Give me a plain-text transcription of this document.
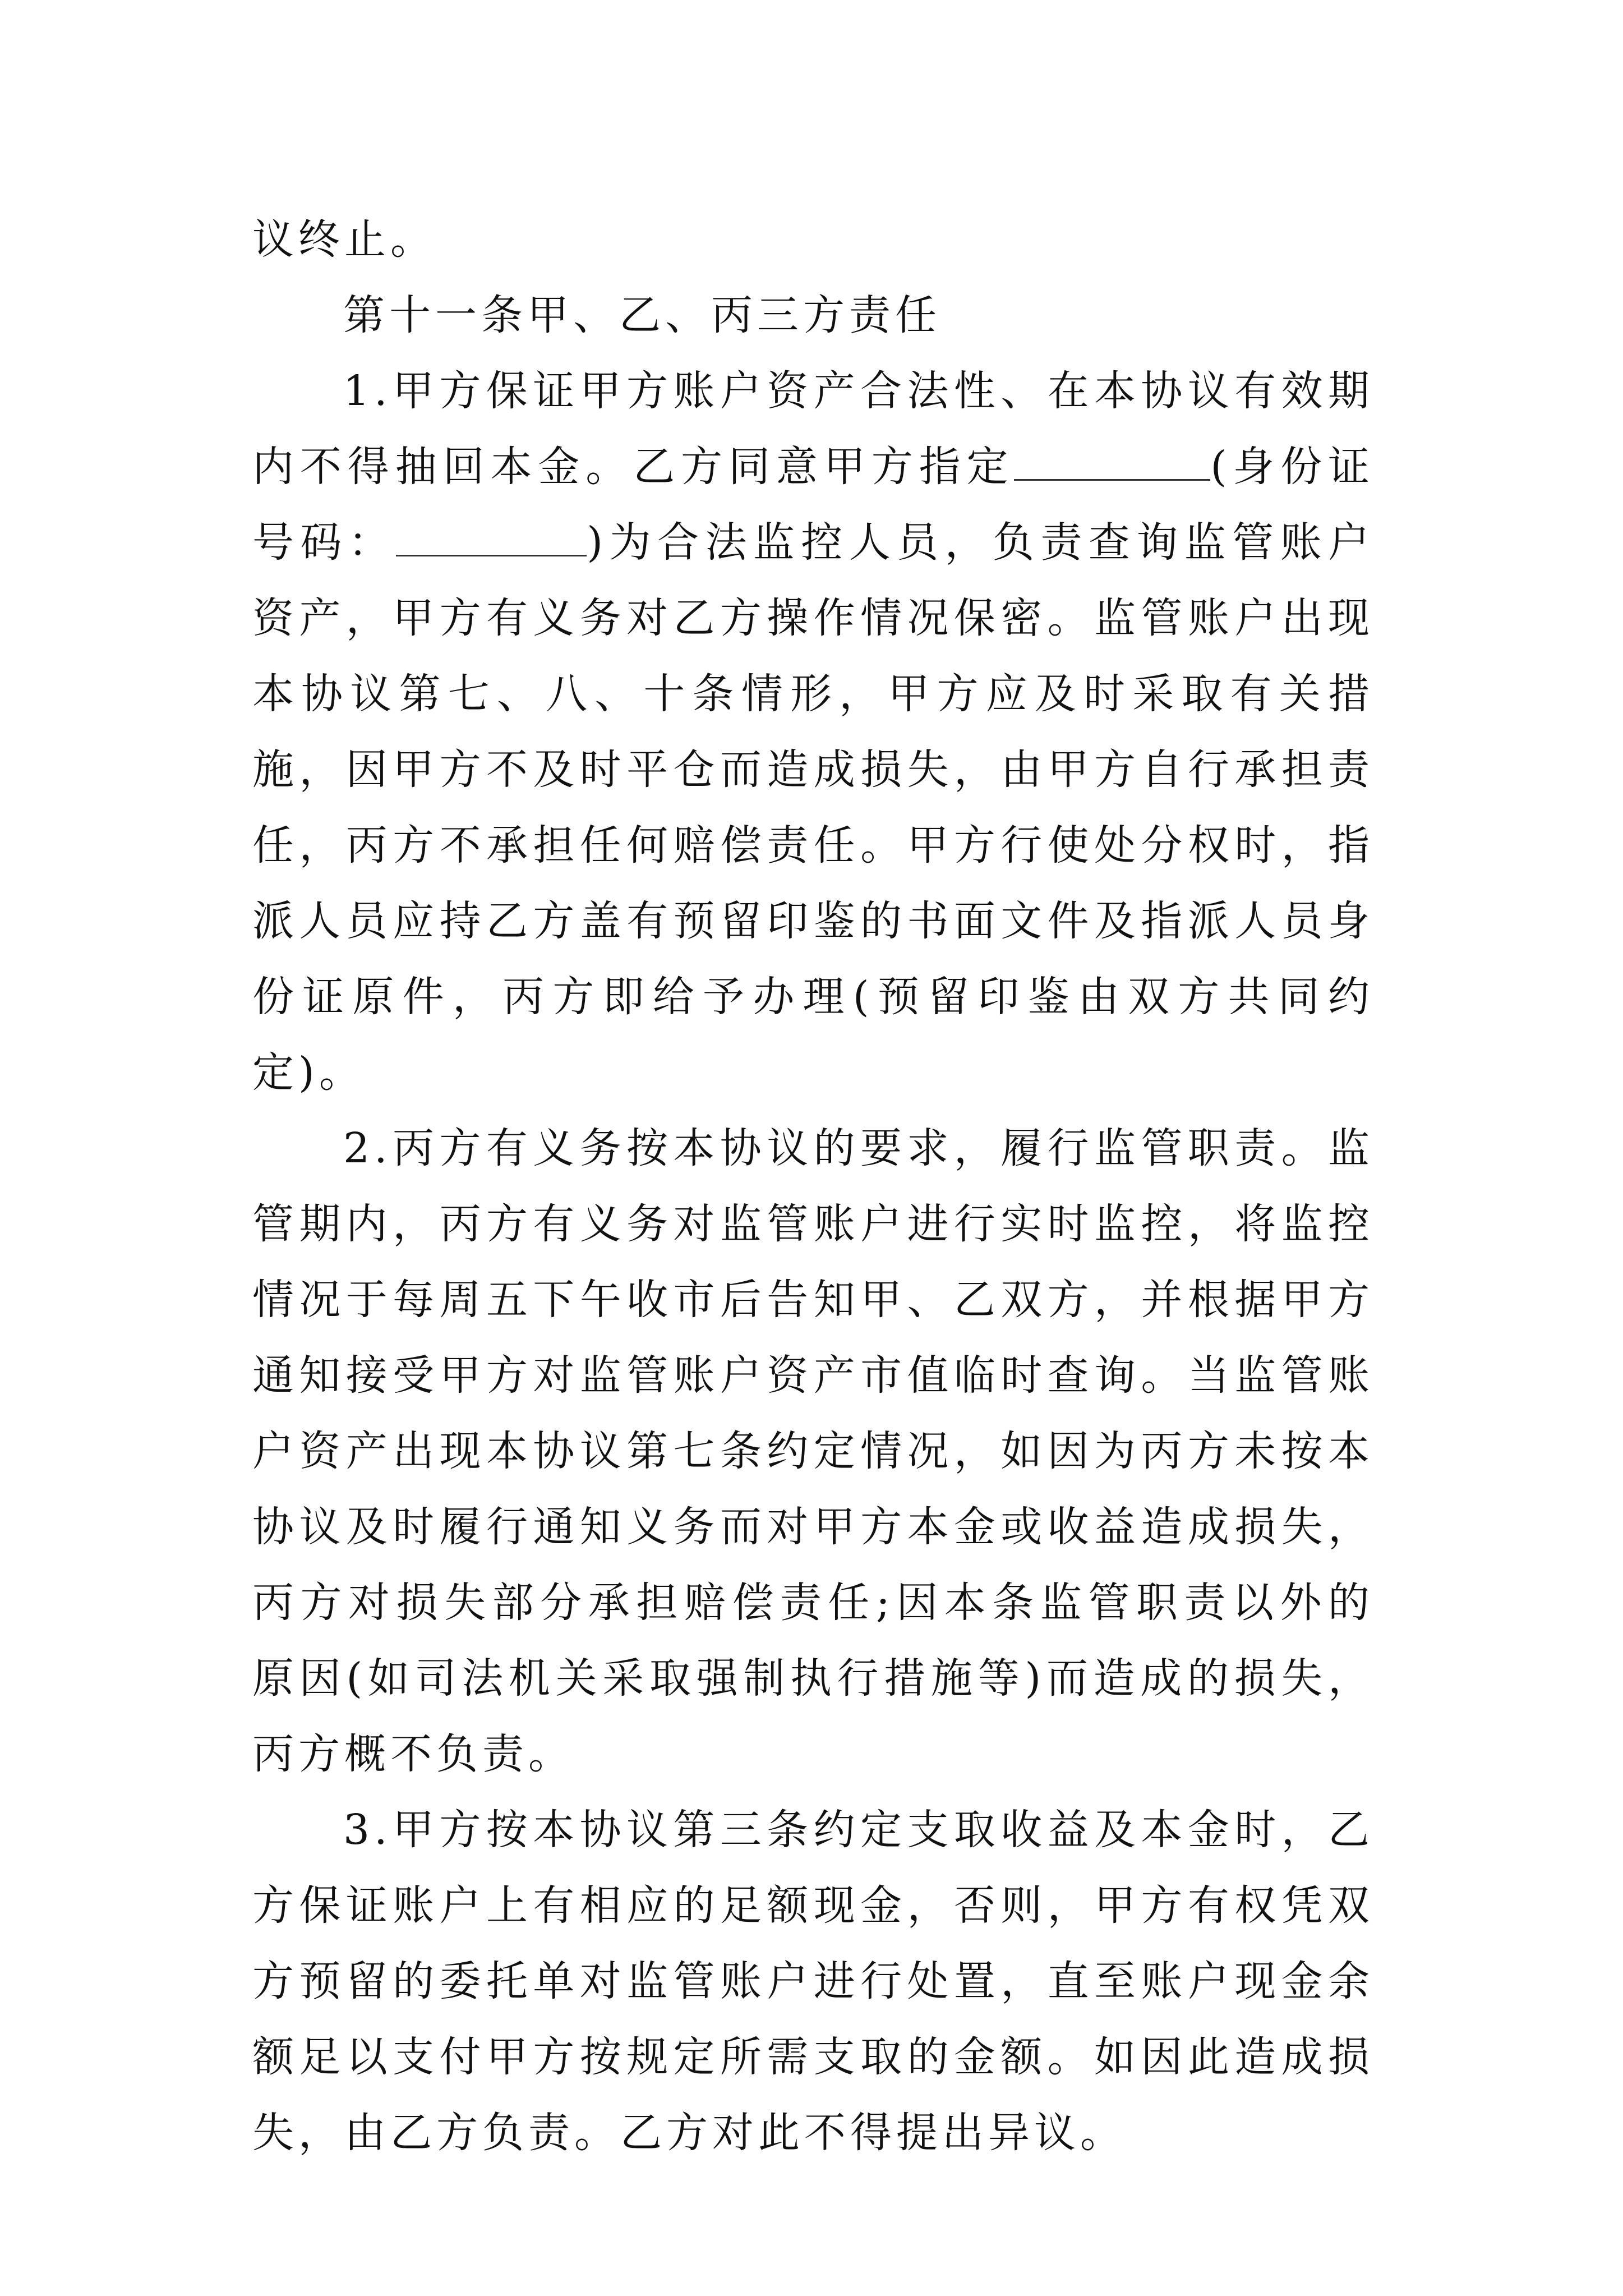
议终止。

第十一条甲、乙、丙三方责任

1.甲方保证甲方账户资产合法性、在本协议有效期内不得抽回本金。乙方同意甲方指定	(身份证号码：	)为合法监控人员，负责查询监管账户资产，甲方有义务对乙方操作情况保密。监管账户出现本协议第七、八、十条情形，甲方应及时采取有关措施，因甲方不及时平仓而造成损失，由甲方自行承担责任，丙方不承担任何赔偿责任。甲方行使处分权时，指派人员应持乙方盖有预留印鉴的书面文件及指派人员身份证原件，丙方即给予办理(预留印鉴由双方共同约定)。

2.丙方有义务按本协议的要求，履行监管职责。监管期内，丙方有义务对监管账户进行实时监控，将监控情况于每周五下午收市后告知甲、乙双方，并根据甲方通知接受甲方对监管账户资产市值临时查询。当监管账户资产出现本协议第七条约定情况，如因为丙方未按本协议及时履行通知义务而对甲方本金或收益造成损失，丙方对损失部分承担赔偿责任;因本条监管职责以外的原因(如司法机关采取强制执行措施等)而造成的损失，丙方概不负责。

3.甲方按本协议第三条约定支取收益及本金时，乙方保证账户上有相应的足额现金，否则，甲方有权凭双方预留的委托单对监管账户进行处置，直至账户现金余额足以支付甲方按规定所需支取的金额。如因此造成损失，由乙方负责。乙方对此不得提出异议。
